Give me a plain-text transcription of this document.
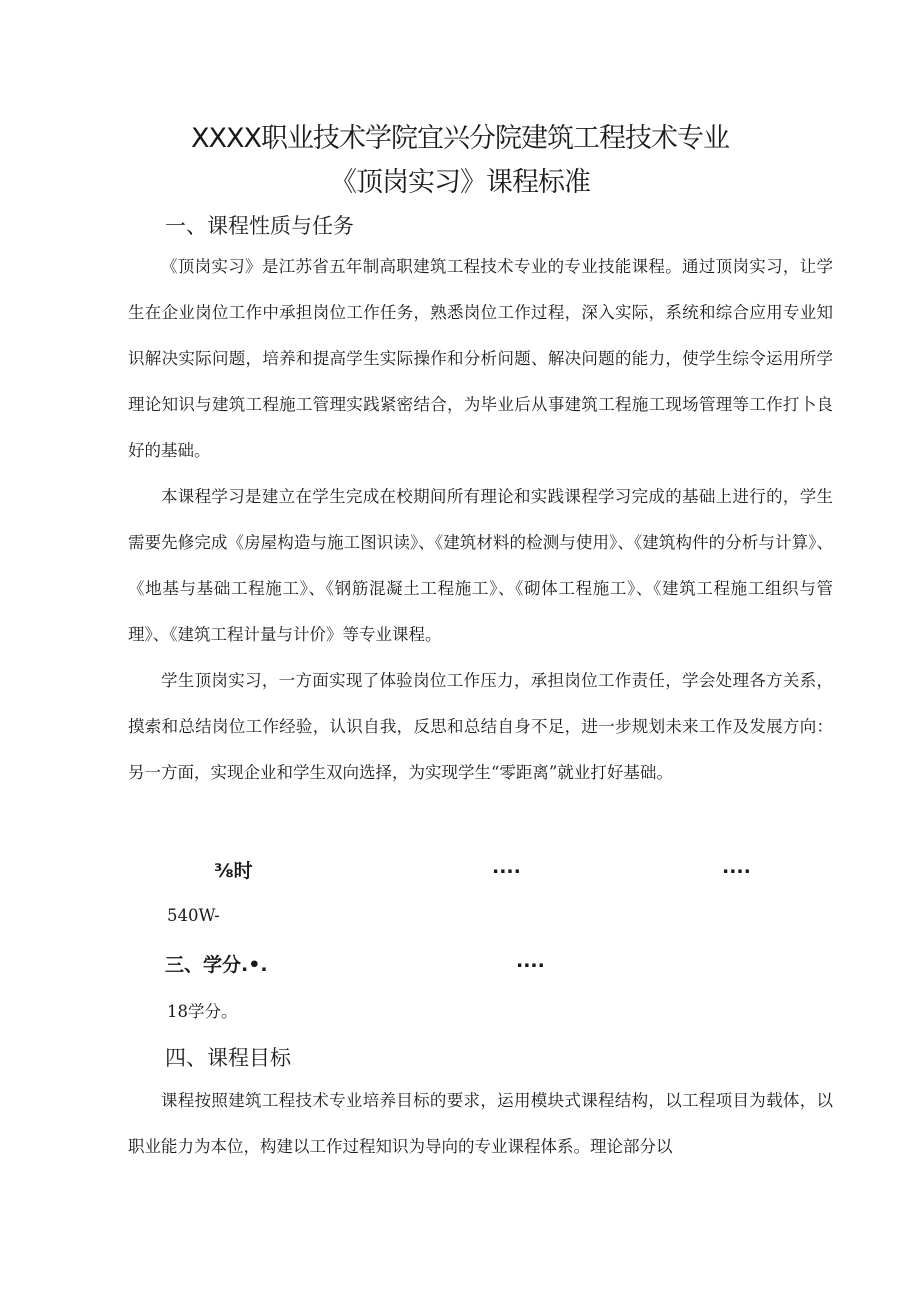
XXXX职业技术学院宜兴分院建筑工程技术专业
《顶岗实习》课程标准
一、课程性质与任务
《顶岗实习》是江苏省五年制高职建筑工程技术专业的专业技能课程。通过顶岗实习，让学生在企业岗位工作中承担岗位工作任务，熟悉岗位工作过程，深入实际，系统和综合应用专业知识解决实际问题，培养和提高学生实际操作和分析问题、解决问题的能力，使学生综令运用所学理论知识与建筑工程施工管理实践紧密结合，为毕业后从事建筑工程施工现场管理等工作打卜良好的基础。
本课程学习是建立在学生完成在校期间所有理论和实践课程学习完成的基础上进行的，学生需要先修完成《房屋构造与施工图识读》、《建筑材料的检测与使用》、《建筑构件的分析与计算》、《地基与基础工程施工》、《钢筋混凝土工程施工》、《砌体工程施工》、《建筑工程施工组织与管理》、《建筑工程计量与计价》等专业课程。
学生顶岗实习，一方面实现了体验岗位工作压力，承担岗位工作责任，学会处理各方关系，摸索和总结岗位工作经验，认识自我，反思和总结自身不足，进一步规划未来工作及发展方向：另一方面，实现企业和学生双向选择，为实现学生“零距离”就业打好基础。
⅜时	....	....
540W-
三、学分.•.	....
18学分。
四、课程目标
课程按照建筑工程技术专业培养目标的要求，运用模块式课程结构，以工程项目为载体，以职业能力为本位，构建以工作过程知识为导向的专业课程体系。理论部分以
